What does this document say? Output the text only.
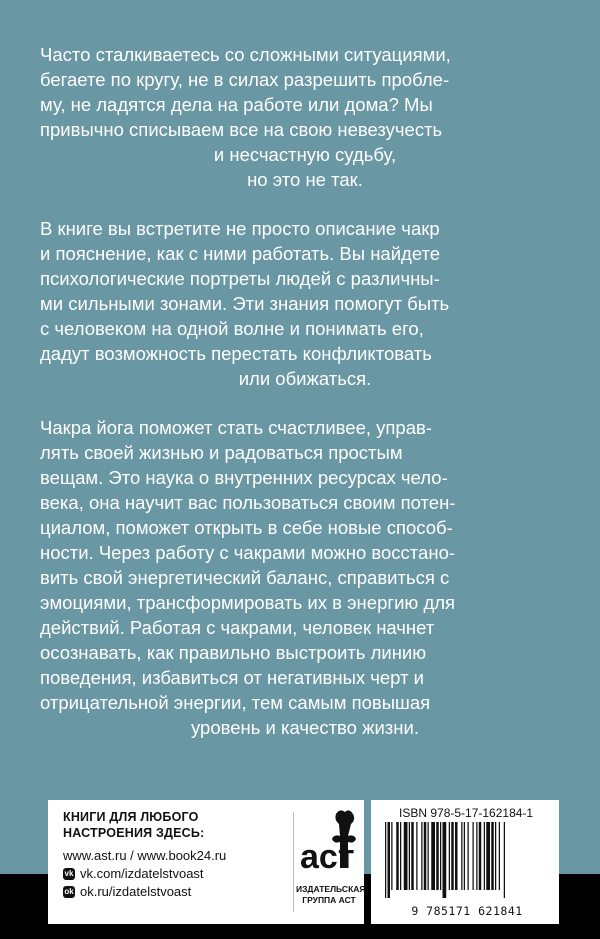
Часто сталкиваетесь со сложными ситуациями,
бегаете по кругу, не в силах разрешить пробле-
му, не ладятся дела на работе или дома? Мы
привычно списываем все на свою невезучесть
и несчастную судьбу,
но это не так.
В книге вы встретите не просто описание чакр
и пояснение, как с ними работать. Вы найдете
психологические портреты людей с различны-
ми сильными зонами. Эти знания помогут быть
с человеком на одной волне и понимать его,
дадут возможность перестать конфликтовать
или обижаться.
Чакра йога поможет стать счастливее, управ-
лять своей жизнью и радоваться простым
вещам. Это наука о внутренних ресурсах чело-
века, она научит вас пользоваться своим потен-
циалом, поможет открыть в себе новые способ-
ности. Через работу с чакрами можно восстано-
вить свой энергетический баланс, справиться с
эмоциями, трансформировать их в энергию для
действий. Работая с чакрами, человек начнет
осознавать, как правильно выстроить линию
поведения, избавиться от негативных черт и
отрицательной энергии, тем самым повышая
уровень и качество жизни.
КНИГИ ДЛЯ ЛЮБОГО
НАСТРОЕНИЯ ЗДЕСЬ:
www.ast.ru / www.book24.ru
vk vk.com/izdatelstvoast
ok ok.ru/izdatelstvoast
аст
ИЗДАТЕЛЬСКАЯ
ГРУППА АСТ
ISBN 978-5-17-162184-1
9 785171 621841
